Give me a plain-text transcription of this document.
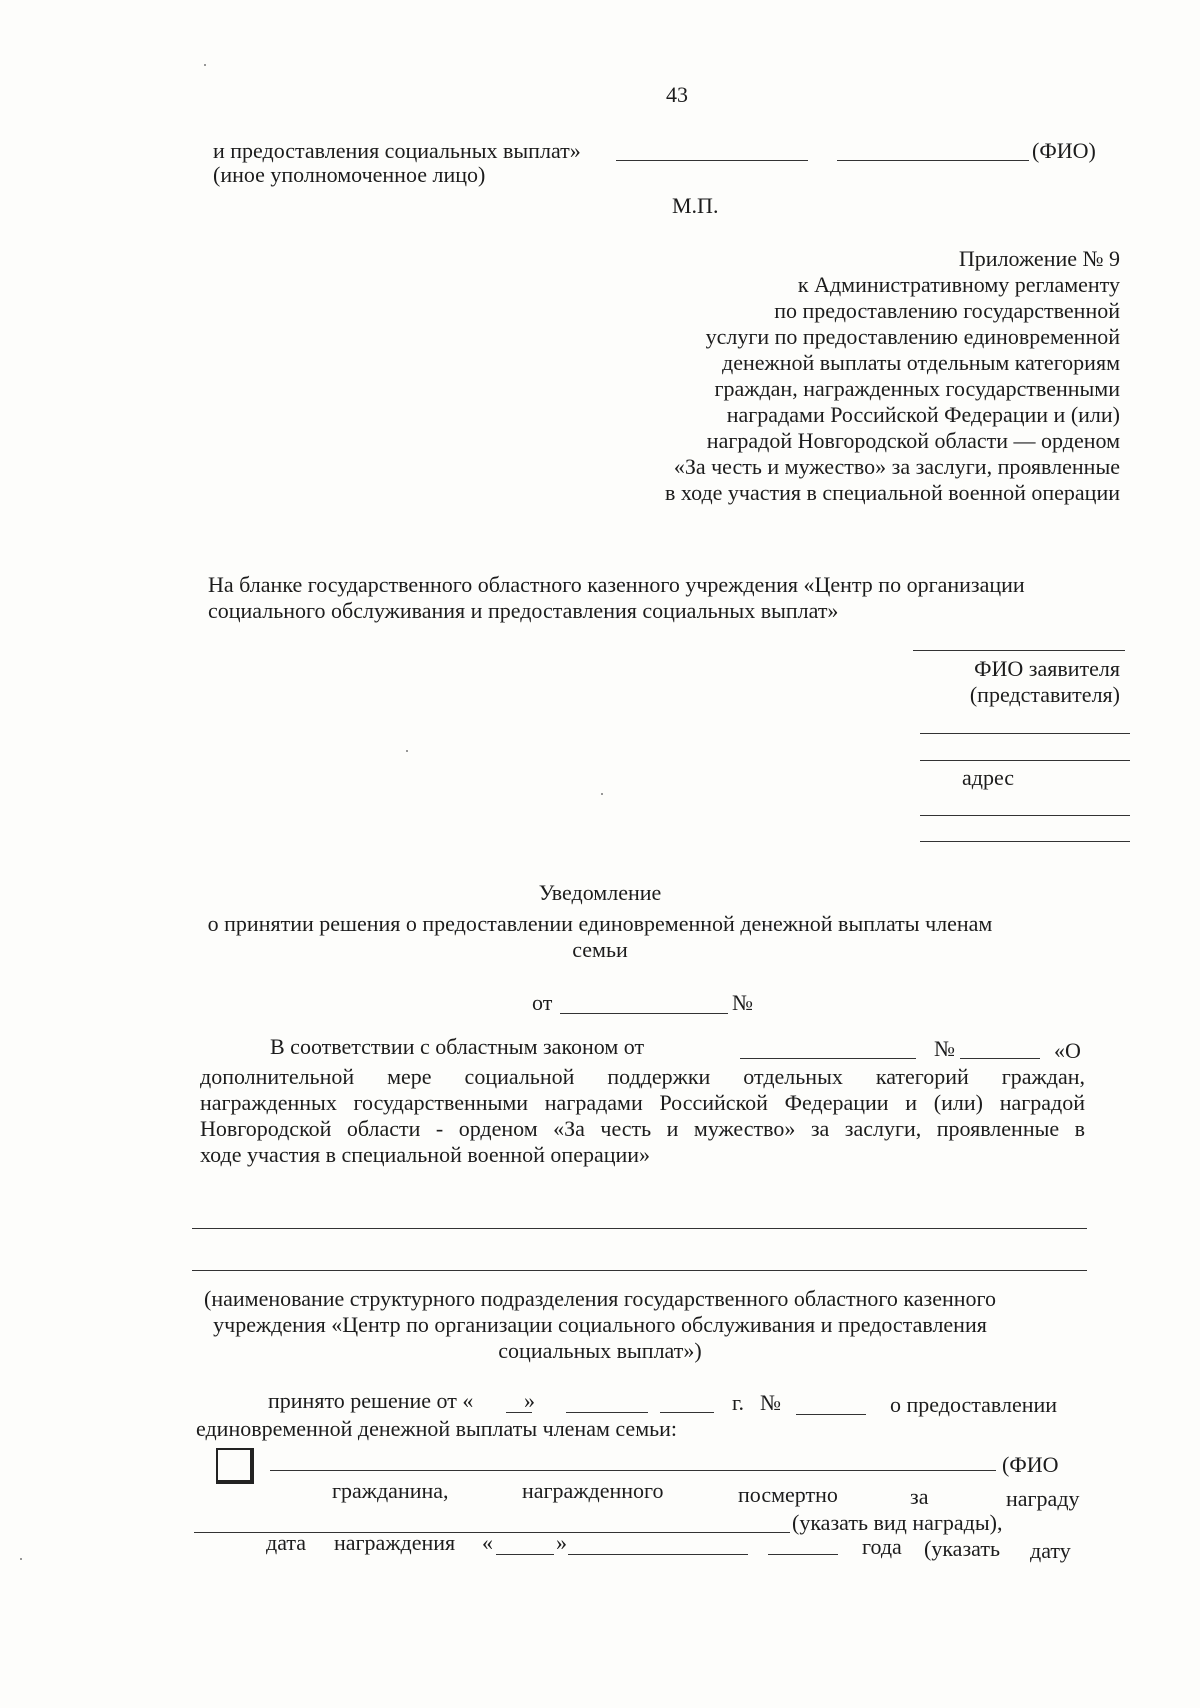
43
и предоставления социальных выплат»	(ФИО)
(иное уполномоченное лицо)
М.П.
Приложение № 9
к Административному регламенту
по предоставлению государственной
услуги по предоставлению единовременной
денежной выплаты отдельным категориям
граждан, награжденных государственными
наградами Российской Федерации и (или)
наградой Новгородской области — орденом
«За честь и мужество» за заслуги, проявленные
в ходе участия в специальной военной операции
На бланке государственного областного казенного учреждения «Центр по организации
социального обслуживания и предоставления социальных выплат»
ФИО заявителя
(представителя)
адрес
Уведомление
о принятии решения о предоставлении единовременной денежной выплаты членам
семьи
от	№
В соответствии с областным законом от	№	«О
дополнительной мере социальной поддержки отдельных категорий граждан,
награжденных государственными наградами Российской Федерации и (или) наградой
Новгородской области - орденом «За честь и мужество» за заслуги, проявленные в
ходе участия в специальной военной операции»
(наименование структурного подразделения государственного областного казенного
учреждения «Центр по организации социального обслуживания и предоставления
социальных выплат»)
принято решение от « »	г. №	о предоставлении
единовременной денежной выплаты членам семьи:
(ФИО
гражданина,	награжденного	посмертно	за	награду
(указать вид награды),
дата награждения «	»	года (указать дату
